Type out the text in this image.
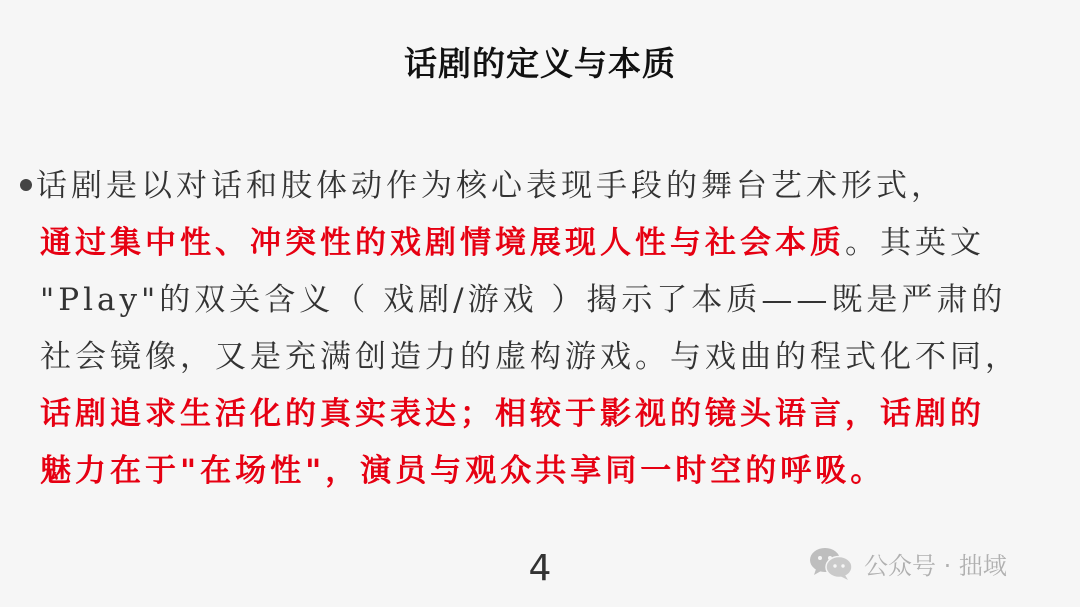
话剧的定义与本质
话剧是以对话和肢体动作为核心表现手段的舞台艺术形式，
通过集中性、冲突性的戏剧情境展现人性与社会本质。其英文
"Play"的双关含义（ 戏剧/游戏 ）揭示了本质——既是严肃的
社会镜像，又是充满创造力的虚构游戏。与戏曲的程式化不同，
话剧追求生活化的真实表达；相较于影视的镜头语言，话剧的
魅力在于"在场性"，演员与观众共享同一时空的呼吸。
4	公众号 · 拙域
